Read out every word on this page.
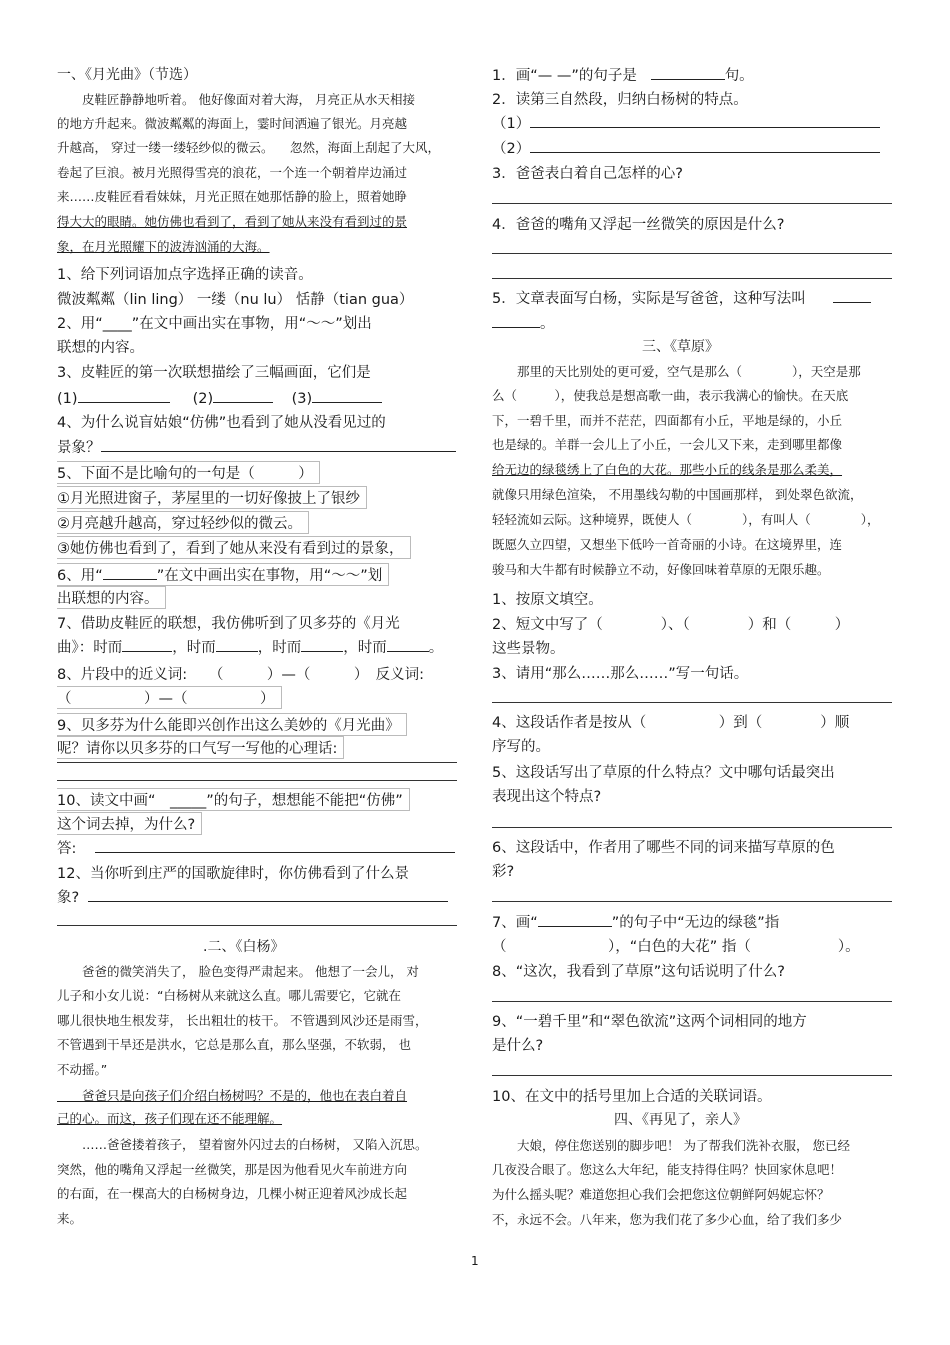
一、《月光曲》（节选）
　　皮鞋匠静静地听着。 他好像面对着大海， 月亮正从水天相接
的地方升起来。微波粼粼的海面上，霎时间洒遍了银光。月亮越
升越高， 穿过一缕一缕轻纱似的微云。 　忽然，海面上刮起了大风，
卷起了巨浪。被月光照得雪亮的浪花，一个连一个朝着岸边涌过
来……皮鞋匠看看妹妹，月光正照在她那恬静的脸上，照着她睁
得大大的眼睛。她仿佛也看到了，看到了她从来没有看到过的景
象，在月光照耀下的波涛汹涌的大海。
1、给下列词语加点字选择正确的读音。
微波粼粼（lin ling） 一缕（nu lu） 恬静（tian gua）
2、用“____”在文中画出实在事物，用“～～”划出
联想的内容。
3、皮鞋匠的第一次联想描绘了三幅画面，它们是
(1)	(2)	(3)
4、为什么说盲姑娘“仿佛”也看到了她从没看见过的
景象？
5、下面不是比喻句的一句是（　　　）
①月光照进窗子，茅屋里的一切好像披上了银纱
②月亮越升越高，穿过轻纱似的微云。
③她仿佛也看到了，看到了她从来没有看到过的景象，
6、用“	”在文中画出实在事物，用“～～”划
出联想的内容。
7、借助皮鞋匠的联想，我仿佛听到了贝多芬的《月光
曲》：时而	，时而	，时而	，时而	。
8、片段中的近义词:　　（　　　）—（　　　）　反义词:
（　　　　　）—（　　　　　）
9、贝多芬为什么能即兴创作出这么美妙的《月光曲》
呢？请你以贝多芬的口气写一写他的心理话:
10、读文中画“　_____”的句子，想想能不能把“仿佛”
这个词去掉，为什么?
答:
12、当你听到庄严的国歌旋律时，你仿佛看到了什么景
象?
.二、《白杨》
　　爸爸的微笑消失了， 脸色变得严肃起来。 他想了一会儿， 对
儿子和小女儿说：“白杨树从来就这么直。哪儿需要它，它就在
哪儿很快地生根发芽， 长出粗壮的枝干。 不管遇到风沙还是雨雪，
不管遇到干旱还是洪水，它总是那么直，那么坚强，不软弱， 也
不动摇。”
　　爸爸只是向孩子们介绍白杨树吗？不是的，他也在表白着自
己的心。而这，孩子们现在还不能理解。
　　……爸爸搂着孩子， 望着窗外闪过去的白杨树， 又陷入沉思。
突然，他的嘴角又浮起一丝微笑，那是因为他看见火车前进方向
的右面，在一棵高大的白杨树身边，几棵小树正迎着风沙成长起
来。
1．画“— —”的句子是	句。
2．读第三自然段，归纳白杨树的特点。
（1）
（2）
3．爸爸表白着自己怎样的心?
4．爸爸的嘴角又浮起一丝微笑的原因是什么?
5．文章表面写白杨，实际是写爸爸，这种写法叫
。
三、《草原》
　　那里的天比别处的更可爱，空气是那么（　　　　），天空是那
么（　　　），使我总是想高歌一曲，表示我满心的愉快。在天底
下，一碧千里，而并不茫茫，四面都有小丘，平地是绿的，小丘
也是绿的。羊群一会儿上了小丘，一会儿又下来，走到哪里都像
给无边的绿毯绣上了白色的大花。那些小丘的线条是那么柔美，
就像只用绿色渲染， 不用墨线勾勒的中国画那样， 到处翠色欲流，
轻轻流如云际。这种境界，既使人（　　　　），有叫人（　　　　），
既愿久立四望，又想坐下低吟一首奇丽的小诗。在这境界里，连
骏马和大牛都有时候静立不动，好像回味着草原的无限乐趣。
1、按原文填空。
2、短文中写了（　　　　）、（　　　　）和（　　　）
这些景物。
3、请用“那么……那么……”写一句话。
4、这段话作者是按从（　　　　　）到（　　　　）顺
序写的。
5、这段话写出了草原的什么特点？文中哪句话最突出
表现出这个特点?
6、这段话中，作者用了哪些不同的词来描写草原的色
彩?
7、画“	”的句子中“无边的绿毯”指
（　　　　　　　），“白色的大花” 指（　　　　　　）。
8、“这次，我看到了草原”这句话说明了什么?
9、“一碧千里”和“翠色欲流”这两个词相同的地方
是什么?
10、在文中的括号里加上合适的关联词语。
四、《再见了，亲人》
　　大娘，停住您送别的脚步吧！ 为了帮我们洗补衣服， 您已经
几夜没合眼了。您这么大年纪，能支持得住吗？快回家休息吧！
为什么摇头呢？难道您担心我们会把您这位朝鲜阿妈妮忘怀？
不，永远不会。八年来，您为我们花了多少心血，给了我们多少
1
